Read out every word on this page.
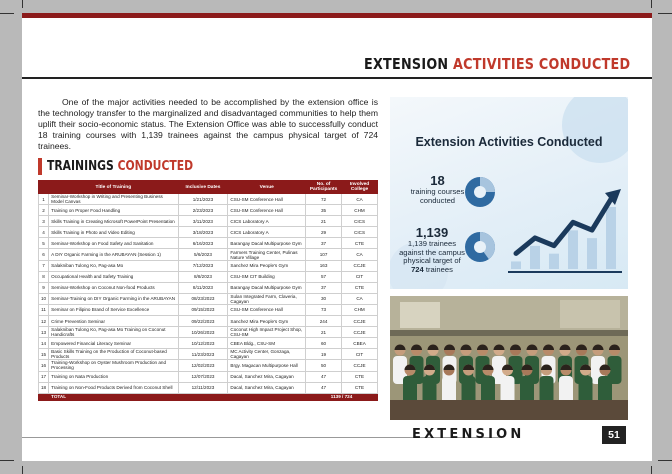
EXTENSION ACTIVITIES CONDUCTED

One of the major activities needed to be accomplished by the extension office is the technology transfer to the marginalized and disadvantaged communities to help them uplift their socio-economic status. The Extension Office was able to successfully conduct 18 training courses with 1,139 trainees against the campus physical target of 724 trainees.

TRAININGS CONDUCTED
	Title of Training	Inclusive Dates	Venue	No. of Participants	Involved College
1	Seminar-Workshop in Writing and Presenting Business Model Canvas	1/21/2023	CSU-SM Conference Hall	72	CA
2	Training on Proper Food Handling	2/23/2023	CSU-SM Conference Hall	35	CHM
3	Skills Training in Creating Microsoft PowerPoint Presentation	3/11/2023	CICS Laboratory A	21	CICS
4	Skills Training in Photo and Video Editing	3/18/2023	CICS Laboratory A	29	CICS
5	Seminar-Workshop on Food Safety and Sanitation	6/16/2023	Barangay Dacal Multipurpose Gym	37	CTE
6	A DIY Organic Farming in the ARUBAYAN (Session 1)	5/6/2023	Farmers Training Center, Pulinas Nature Village	107	CA
7	Salakniban Tulong Ko, Pag-asa Mo	7/12/2023	Sanchez Mira People's Gym	163	CCJE
8	Occupational Health and Safety Training	8/8/2023	CSU-SM CIT Building	57	CIT
9	Seminar-Workshop on Coconut Non-food Products	8/11/2023	Barangay Dacal Multipurpose Gym	37	CTE
10	Seminar-Training on DIY Organic Farming in the ARUBAYAN	08/23/2023	Sulan Integrated Farm, Claveria, Cagayan	30	CA
11	Seminar on Filipino Brand of Service Excellence	09/15/2023	CSU-SM Conference Hall	73	CHM
12	Crime Prevention Seminar	09/22/2023	Sanchez Mira People's Gym	244	CCJE
13	Salakniban Tulong Ko, Pag-asa Mo Training on Coconut Handicrafts	10/26/2023	Coconut High Impact Project Shop, CSU-SM	21	CCJE
14	Empowered Financial Literacy Seminar	10/12/2023	CBEA Bldg., CSU-SM	60	CBEA
15	Basic Skills Training on the Production of Coconut-based Products	11/23/2023	MC Activity Center, Gonzaga, Cagayan	19	CIT
16	Training-Workshop on Oyster Mushroom Production and Processing	12/02/2023	Brgy. Magacan Multipurpose Hall	50	CCJE
17	Training on Nata Production	12/07/2023	Dacal, Sanchez Mira, Cagayan	47	CTE
18	Training on Non-Food Products Derived from Coconut Shell	12/11/2023	Dacal, Sanchez Mira, Cagayan	47	CTE
	TOTAL			1139 / 724	
Extension Activities Conducted
18
training courses conducted
1,139
1,139 trainees against the campus physical target of 724 trainees
EXTENSION	51
